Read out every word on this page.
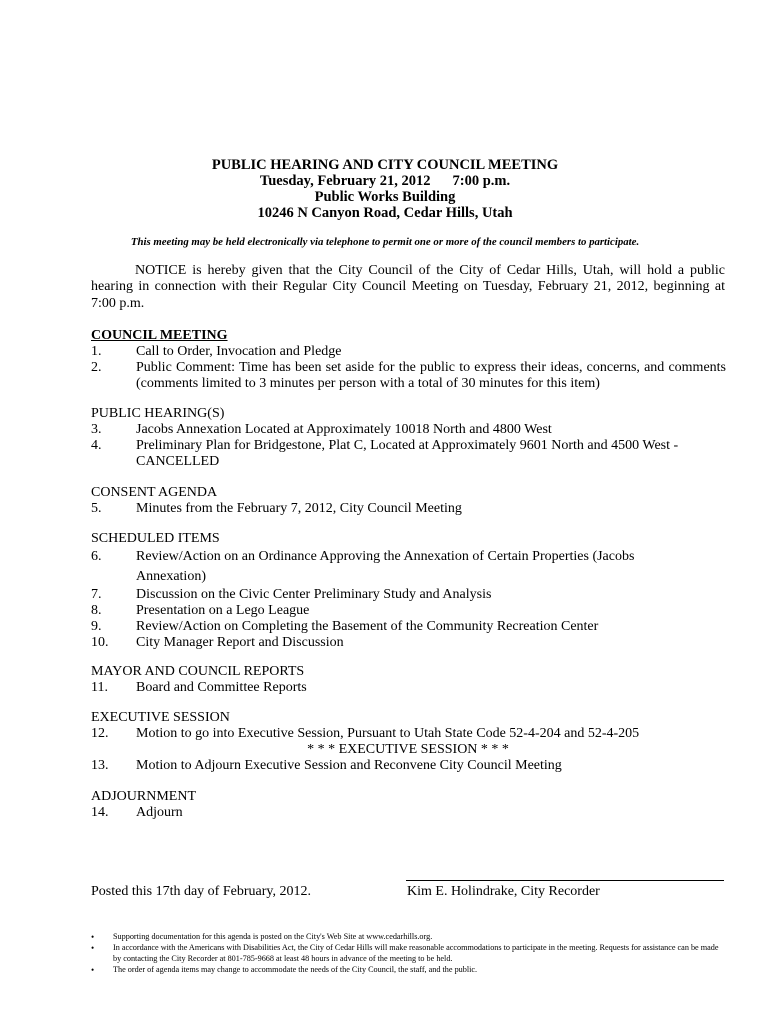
PUBLIC HEARING AND CITY COUNCIL MEETING
Tuesday, February 21, 2012 7:00 p.m.
Public Works Building
10246 N Canyon Road, Cedar Hills, Utah
This meeting may be held electronically via telephone to permit one or more of the council members to participate.
NOTICE is hereby given that the City Council of the City of Cedar Hills, Utah, will hold a public hearing in connection with their Regular City Council Meeting on Tuesday, February 21, 2012, beginning at 7:00 p.m.
COUNCIL MEETING
1.	Call to Order, Invocation and Pledge
2.	Public Comment: Time has been set aside for the public to express their ideas, concerns, and comments (comments limited to 3 minutes per person with a total of 30 minutes for this item)
PUBLIC HEARING(S)
3.	Jacobs Annexation Located at Approximately 10018 North and 4800 West
4.	Preliminary Plan for Bridgestone, Plat C, Located at Approximately 9601 North and 4500 West - CANCELLED
CONSENT AGENDA
5.	Minutes from the February 7, 2012, City Council Meeting
SCHEDULED ITEMS
6.	Review/Action on an Ordinance Approving the Annexation of Certain Properties (Jacobs Annexation)
7.	Discussion on the Civic Center Preliminary Study and Analysis
8.	Presentation on a Lego League
9.	Review/Action on Completing the Basement of the Community Recreation Center
10.	City Manager Report and Discussion
MAYOR AND COUNCIL REPORTS
11.	Board and Committee Reports
EXECUTIVE SESSION
12.	Motion to go into Executive Session, Pursuant to Utah State Code 52-4-204 and 52-4-205
* * * EXECUTIVE SESSION * * *
13.	Motion to Adjourn Executive Session and Reconvene City Council Meeting
ADJOURNMENT
14.	Adjourn
Posted this 17th day of February, 2012.	Kim E. Holindrake, City Recorder
•	Supporting documentation for this agenda is posted on the City's Web Site at www.cedarhills.org.
•	In accordance with the Americans with Disabilities Act, the City of Cedar Hills will make reasonable accommodations to participate in the meeting. Requests for assistance can be made by contacting the City Recorder at 801-785-9668 at least 48 hours in advance of the meeting to be held.
•	The order of agenda items may change to accommodate the needs of the City Council, the staff, and the public.
